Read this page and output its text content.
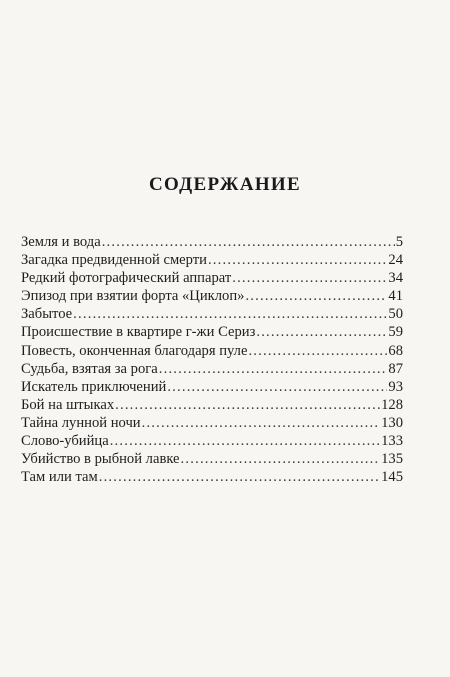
СОДЕРЖАНИЕ
Земля и вода .....	5
Загадка предвиденной смерти .....	24
Редкий фотографический аппарат .....	34
Эпизод при взятии форта «Циклоп» .....	41
Забытое .....	50
Происшествие в квартире г-жи Сериз .....	59
Повесть, оконченная благодаря пуле .....	68
Судьба, взятая за рога .....	87
Искатель приключений .....	93
Бой на штыках .....	128
Тайна лунной ночи .....	130
Слово-убийца .....	133
Убийство в рыбной лавке .....	135
Там или там .....	145
